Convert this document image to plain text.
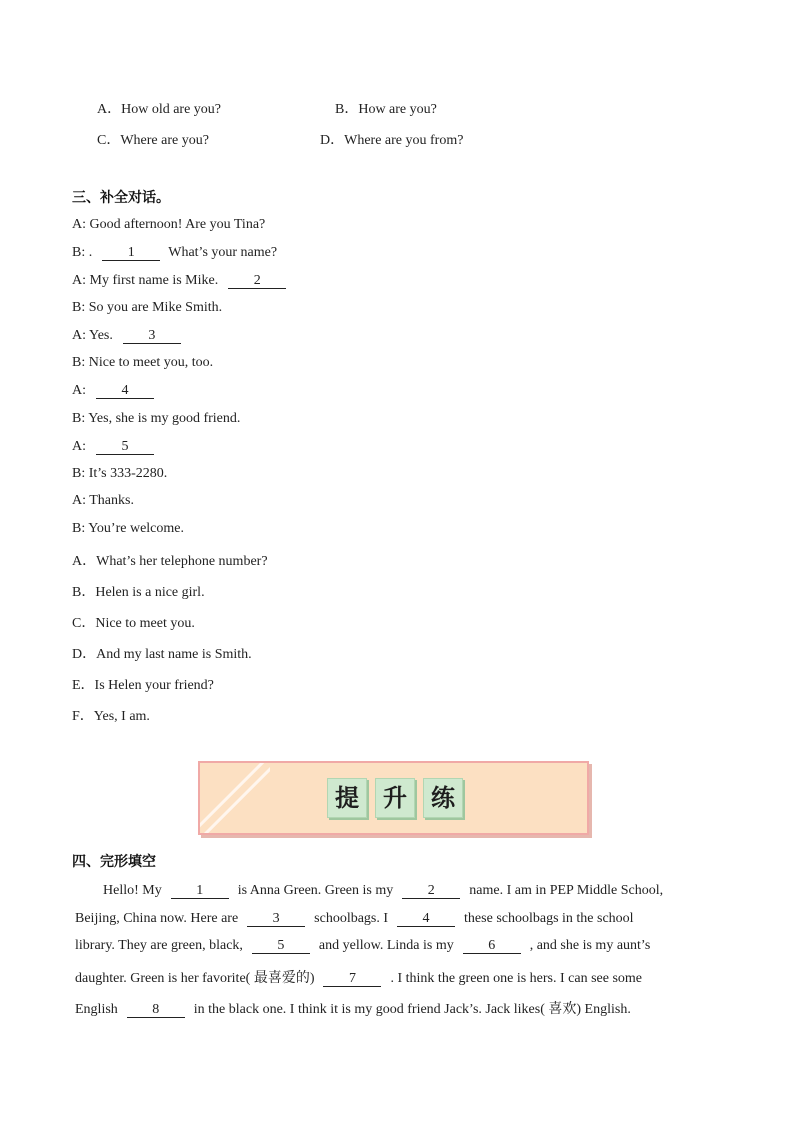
A．How old are you?	B．How are you?
C．Where are you?	D．Where are you from?
三、补全对话。
A: Good afternoon! Are you Tina?
B: .	1 What’s your name?
A: My first name is Mike.	2
B: So you are Mike Smith.
A: Yes.	3
B: Nice to meet you, too.
A:	4
B: Yes, she is my good friend.
A:	5
B: It’s 333-2280.
A: Thanks.
B: You’re welcome.
A．What’s her telephone number?
B．Helen is a nice girl.
C．Nice to meet you.
D．And my last name is Smith.
E．Is Helen your friend?
F．Yes, I am.
提	升	练
四、完形填空
Hello! My 1 is Anna Green. Green is my 2 name. I am in PEP Middle School,
Beijing, China now. Here are 3 schoolbags. I 4 these schoolbags in the school
library. They are green, black, 5 and yellow. Linda is my 6 , and she is my aunt’s
daughter. Green is her favorite( 最喜爱的) 7 . I think the green one is hers. I can see some
English 8 in the black one. I think it is my good friend Jack’s. Jack likes( 喜欢) English.
